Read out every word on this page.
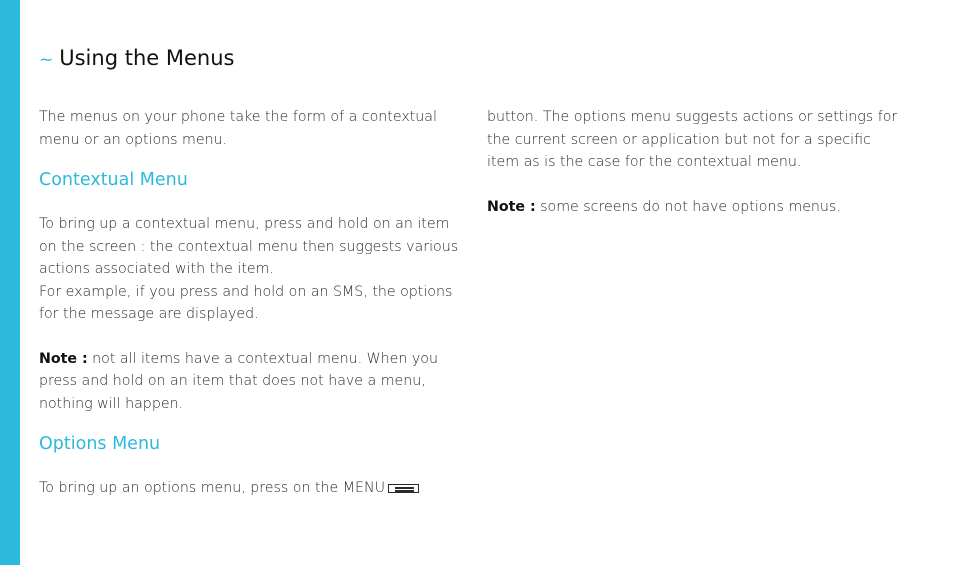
~ Using the Menus

The menus on your phone take the form of a contextual menu or an options menu.

Contextual Menu

To bring up a contextual menu, press and hold on an item on the screen : the contextual menu then suggests various actions associated with the item.

For example, if you press and hold on an SMS, the options for the message are displayed.

Note : not all items have a contextual menu. When you press and hold on an item that does not have a menu, nothing will happen.

Options Menu

To bring up an options menu, press on the MENU

button. The options menu suggests actions or settings for the current screen or application but not for a specific item as is the case for the contextual menu.

Note : some screens do not have options menus.
